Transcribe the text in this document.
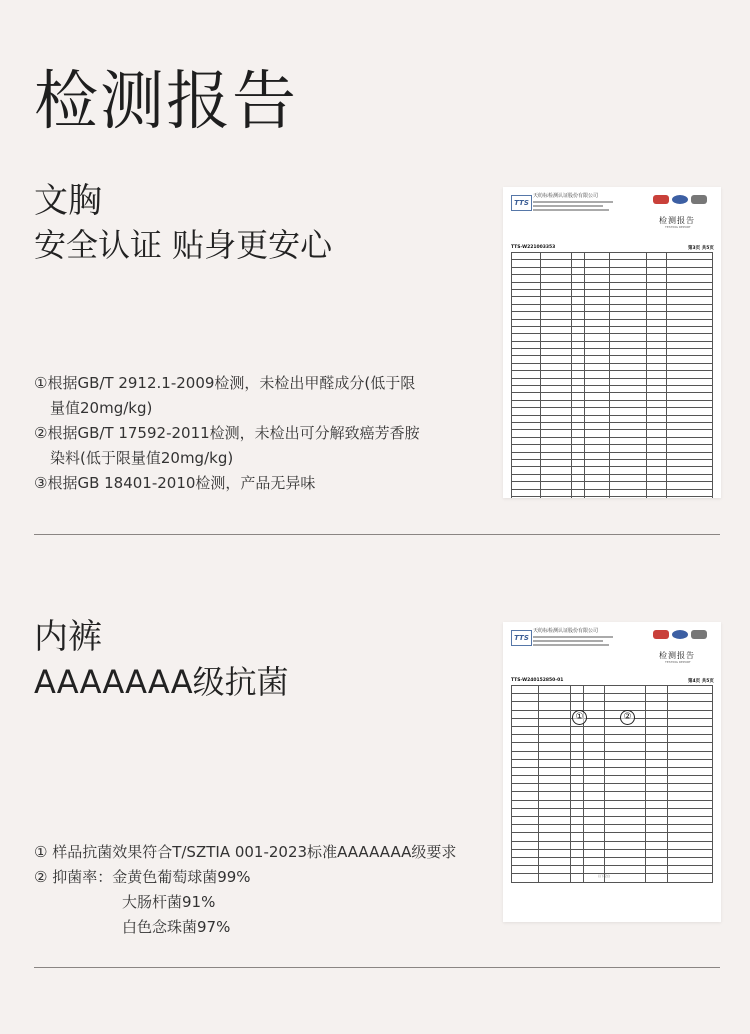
检测报告
文胸
安全认证 贴身更安心
①根据GB/T 2912.1-2009检测，未检出甲醛成分(低于限
量值20mg/kg)
②根据GB/T 17592-2011检测，未检出可分解致癌芳香胺
染料(低于限量值20mg/kg)
③根据GB 18401-2010检测，产品无异味
TTS
天纺标检测认证股份有限公司
检测报告
TESTING REPORT
TTS-W221003353	第3页 共5页

内裤
AAAAAAA级抗菌
① 样品抗菌效果符合T/SZTIA 001-2023标准AAAAAAA级要求
② 抑菌率：金黄色葡萄球菌99%
大肠杆菌91%
白色念珠菌97%
TTS
天纺标检测认证股份有限公司
检测报告
TESTING REPORT
TTS-W240152850-01	第4页 共5页

①	②
以下空白
